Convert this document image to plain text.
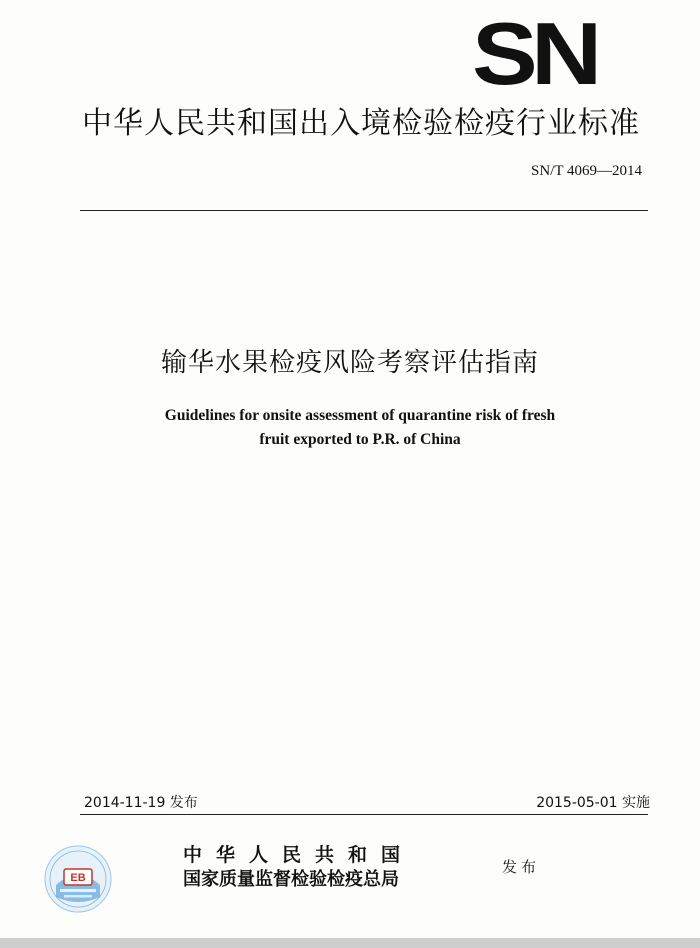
SN
中华人民共和国出入境检验检疫行业标准
SN/T 4069—2014
输华水果检疫风险考察评估指南
Guidelines for onsite assessment of quarantine risk of fresh
fruit exported to P.R. of China
2014-11-19 发布	2015-05-01 实施
EB
中华人民共和国
国家质量监督检验检疫总局
发布
